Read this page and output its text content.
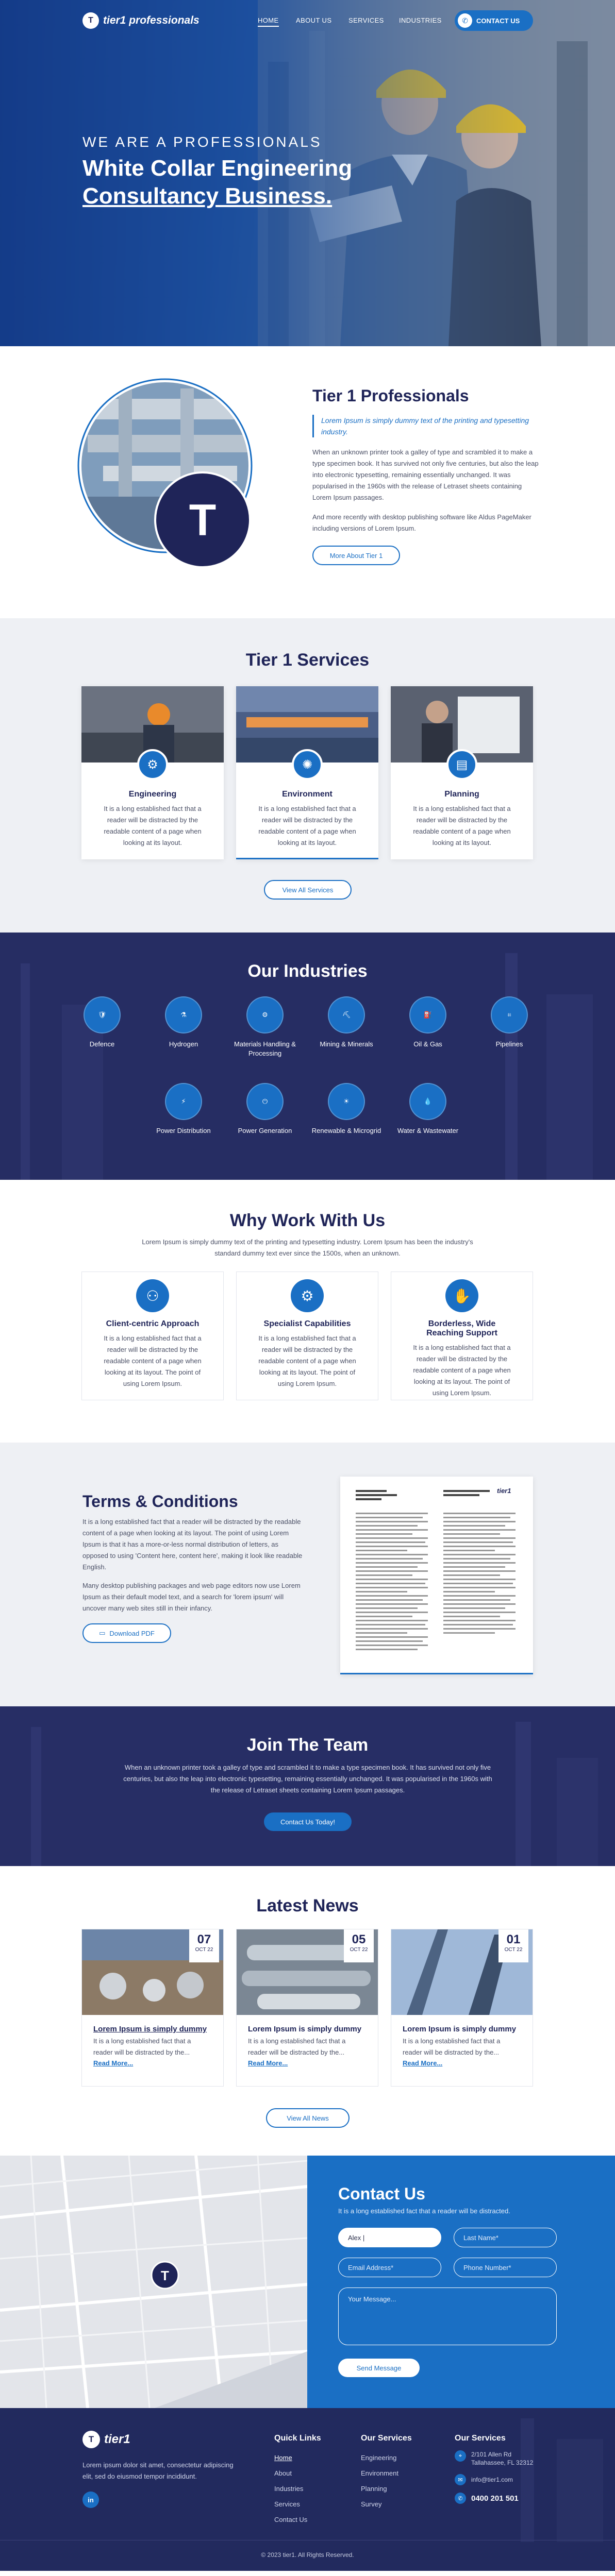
T tier1 professionals	HOME	ABOUT US	SERVICES INDUSTRIES	✆	CONTACT US
WE ARE A PROFESSIONALS
White Collar Engineering
Consultancy Business.
T
Tier 1 Professionals
Lorem Ipsum is simply dummy text of the printing and typesetting industry.

When an unknown printer took a galley of type and scrambled it to make a type specimen book. It has survived not only five centuries, but also the leap into electronic typesetting, remaining essentially unchanged. It was popularised in the 1960s with the release of Letraset sheets containing Lorem Ipsum passages.

And more recently with desktop publishing software like Aldus PageMaker including versions of Lorem Ipsum.

More About Tier 1
Tier 1 Services
⚙
Engineering

It is a long established fact that a reader will be distracted by the readable content of a page when looking at its layout.

✺
Environment

It is a long established fact that a reader will be distracted by the readable content of a page when looking at its layout.

▤
Planning

It is a long established fact that a reader will be distracted by the readable content of a page when looking at its layout.

View All Services
Our Industries
🛡
Defence
⚗
Hydrogen
⚙
Materials Handling & Processing
⛏
Mining & Minerals
⛽
Oil & Gas
⌗
Pipelines
⚡
Power Distribution
⏻
Power Generation
☀
Renewable & Microgrid
💧
Water & Wastewater
Why Work With Us

Lorem Ipsum is simply dummy text of the printing and typesetting industry. Lorem Ipsum has been the industry's standard dummy text ever since the 1500s, when an unknown.

⚇
Client-centric Approach

It is a long established fact that a reader will be distracted by the readable content of a page when looking at its layout. The point of using Lorem Ipsum.

⚙
Specialist Capabilities

It is a long established fact that a reader will be distracted by the readable content of a page when looking at its layout. The point of using Lorem Ipsum.

✋
Borderless, Wide Reaching Support

It is a long established fact that a reader will be distracted by the readable content of a page when looking at its layout. The point of using Lorem Ipsum.

Terms & Conditions

It is a long established fact that a reader will be distracted by the readable content of a page when looking at its layout. The point of using Lorem Ipsum is that it has a more-or-less normal distribution of letters, as opposed to using 'Content here, content here', making it look like readable English.

Many desktop publishing packages and web page editors now use Lorem Ipsum as their default model text, and a search for 'lorem ipsum' will uncover many web sites still in their infancy.

▭ Download PDF
tier1
Join The Team

When an unknown printer took a galley of type and scrambled it to make a type specimen book. It has survived not only five centuries, but also the leap into electronic typesetting, remaining essentially unchanged. It was popularised in the 1960s with the release of Letraset sheets containing Lorem Ipsum passages.

Contact Us Today!
Latest News
07
OCT 22
Lorem Ipsum is simply dummy

It is a long established fact that a reader will be distracted by the...

Read More...
05
OCT 22
Lorem Ipsum is simply dummy

It is a long established fact that a reader will be distracted by the...

Read More...
01
OCT 22
Lorem Ipsum is simply dummy

It is a long established fact that a reader will be distracted by the...

Read More...
View All News
T
Contact Us
It is a long established fact that a reader will be distracted.
Alex |	Last Name*
Email Address*	Phone Number*
Your Message...
Send Message
T tier1

Lorem ipsum dolor sit amet, consectetur adipiscing elit, sed do eiusmod tempor incididunt.

in
Quick Links
Home
About
Industries
Services
Contact Us
Our Services
Engineering
Environment
Planning
Survey
Our Services
⌖	2/101 Allen Rd
Tallahassee, FL 32312
✉	info@tier1.com
✆	0400 201 501
© 2023 tier1. All Rights Reserved.
